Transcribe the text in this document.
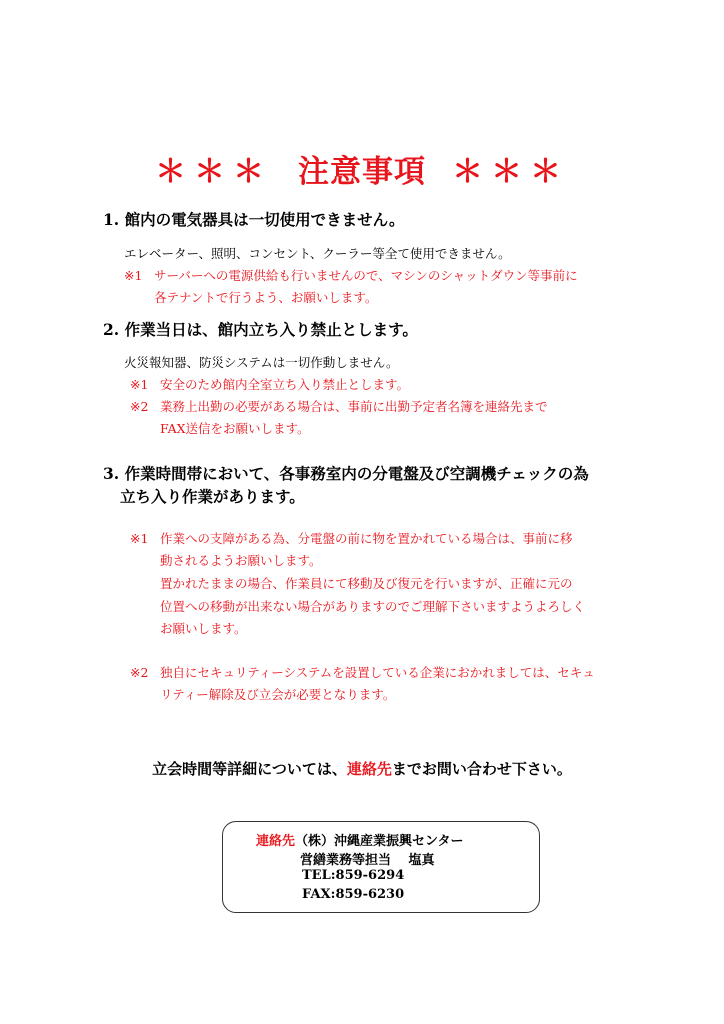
＊＊＊ 注意事項 ＊＊＊
1. 館内の電気器具は一切使用できません。
エレベーター、照明、コンセント、クーラー等全て使用できません。
※1 サーバーへの電源供給も行いませんので、マシンのシャットダウン等事前に
各テナントで行うよう、お願いします。
2. 作業当日は、館内立ち入り禁止とします。
火災報知器、防災システムは一切作動しません。
※1 安全のため館内全室立ち入り禁止とします。
※2 業務上出勤の必要がある場合は、事前に出勤予定者名簿を連絡先まで
FAX送信をお願いします。
3. 作業時間帯において、各事務室内の分電盤及び空調機チェックの為
立ち入り作業があります。
※1 作業への支障がある為、分電盤の前に物を置かれている場合は、事前に移
動されるようお願いします。
置かれたままの場合、作業員にて移動及び復元を行いますが、正確に元の
位置への移動が出来ない場合がありますのでご理解下さいますようよろしく
お願いします。
※2 独自にセキュリティーシステムを設置している企業におかれましては、セキュ
リティー解除及び立会が必要となります。
立会時間等詳細については、連絡先までお問い合わせ下さい。
連絡先（株）沖縄産業振興センター
営繕業務等担当　 塩真
TEL:859-6294
FAX:859-6230
